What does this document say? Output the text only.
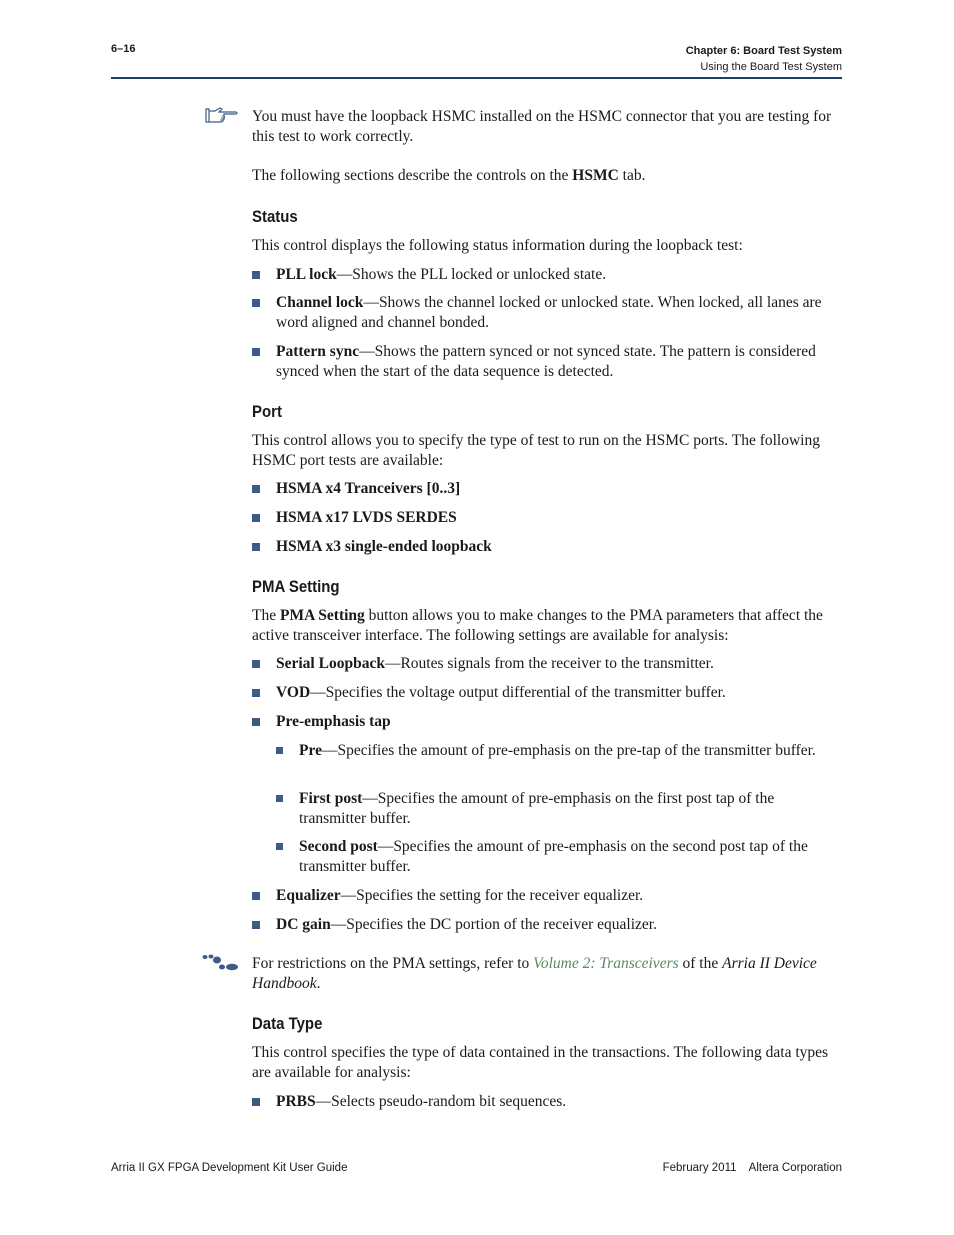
6–16	Chapter 6: Board Test System
Using the Board Test System

You must have the loopback HSMC installed on the HSMC connector that you are testing for this test to work correctly.

The following sections describe the controls on the HSMC tab.

Status

This control displays the following status information during the loopback test:

PLL lock—Shows the PLL locked or unlocked state.
Channel lock—Shows the channel locked or unlocked state. When locked, all lanes are word aligned and channel bonded.
Pattern sync—Shows the pattern synced or not synced state. The pattern is considered synced when the start of the data sequence is detected.
Port

This control allows you to specify the type of test to run on the HSMC ports. The following HSMC port tests are available:

HSMA x4 Tranceivers [0..3]
HSMA x17 LVDS SERDES
HSMA x3 single-ended loopback
PMA Setting

The PMA Setting button allows you to make changes to the PMA parameters that affect the active transceiver interface. The following settings are available for analysis:

Serial Loopback—Routes signals from the receiver to the transmitter.
VOD—Specifies the voltage output differential of the transmitter buffer.
Pre-emphasis tap
Pre—Specifies the amount of pre-emphasis on the pre-tap of the transmitter buffer.
First post—Specifies the amount of pre-emphasis on the first post tap of the transmitter buffer.
Second post—Specifies the amount of pre-emphasis on the second post tap of the transmitter buffer.
Equalizer—Specifies the setting for the receiver equalizer.
DC gain—Specifies the DC portion of the receiver equalizer.

For restrictions on the PMA settings, refer to Volume 2: Transceivers of the Arria II Device Handbook.

Data Type

This control specifies the type of data contained in the transactions. The following data types are available for analysis:

PRBS—Selects pseudo-random bit sequences.
Arria II GX FPGA Development Kit User Guide	February 2011    Altera Corporation
